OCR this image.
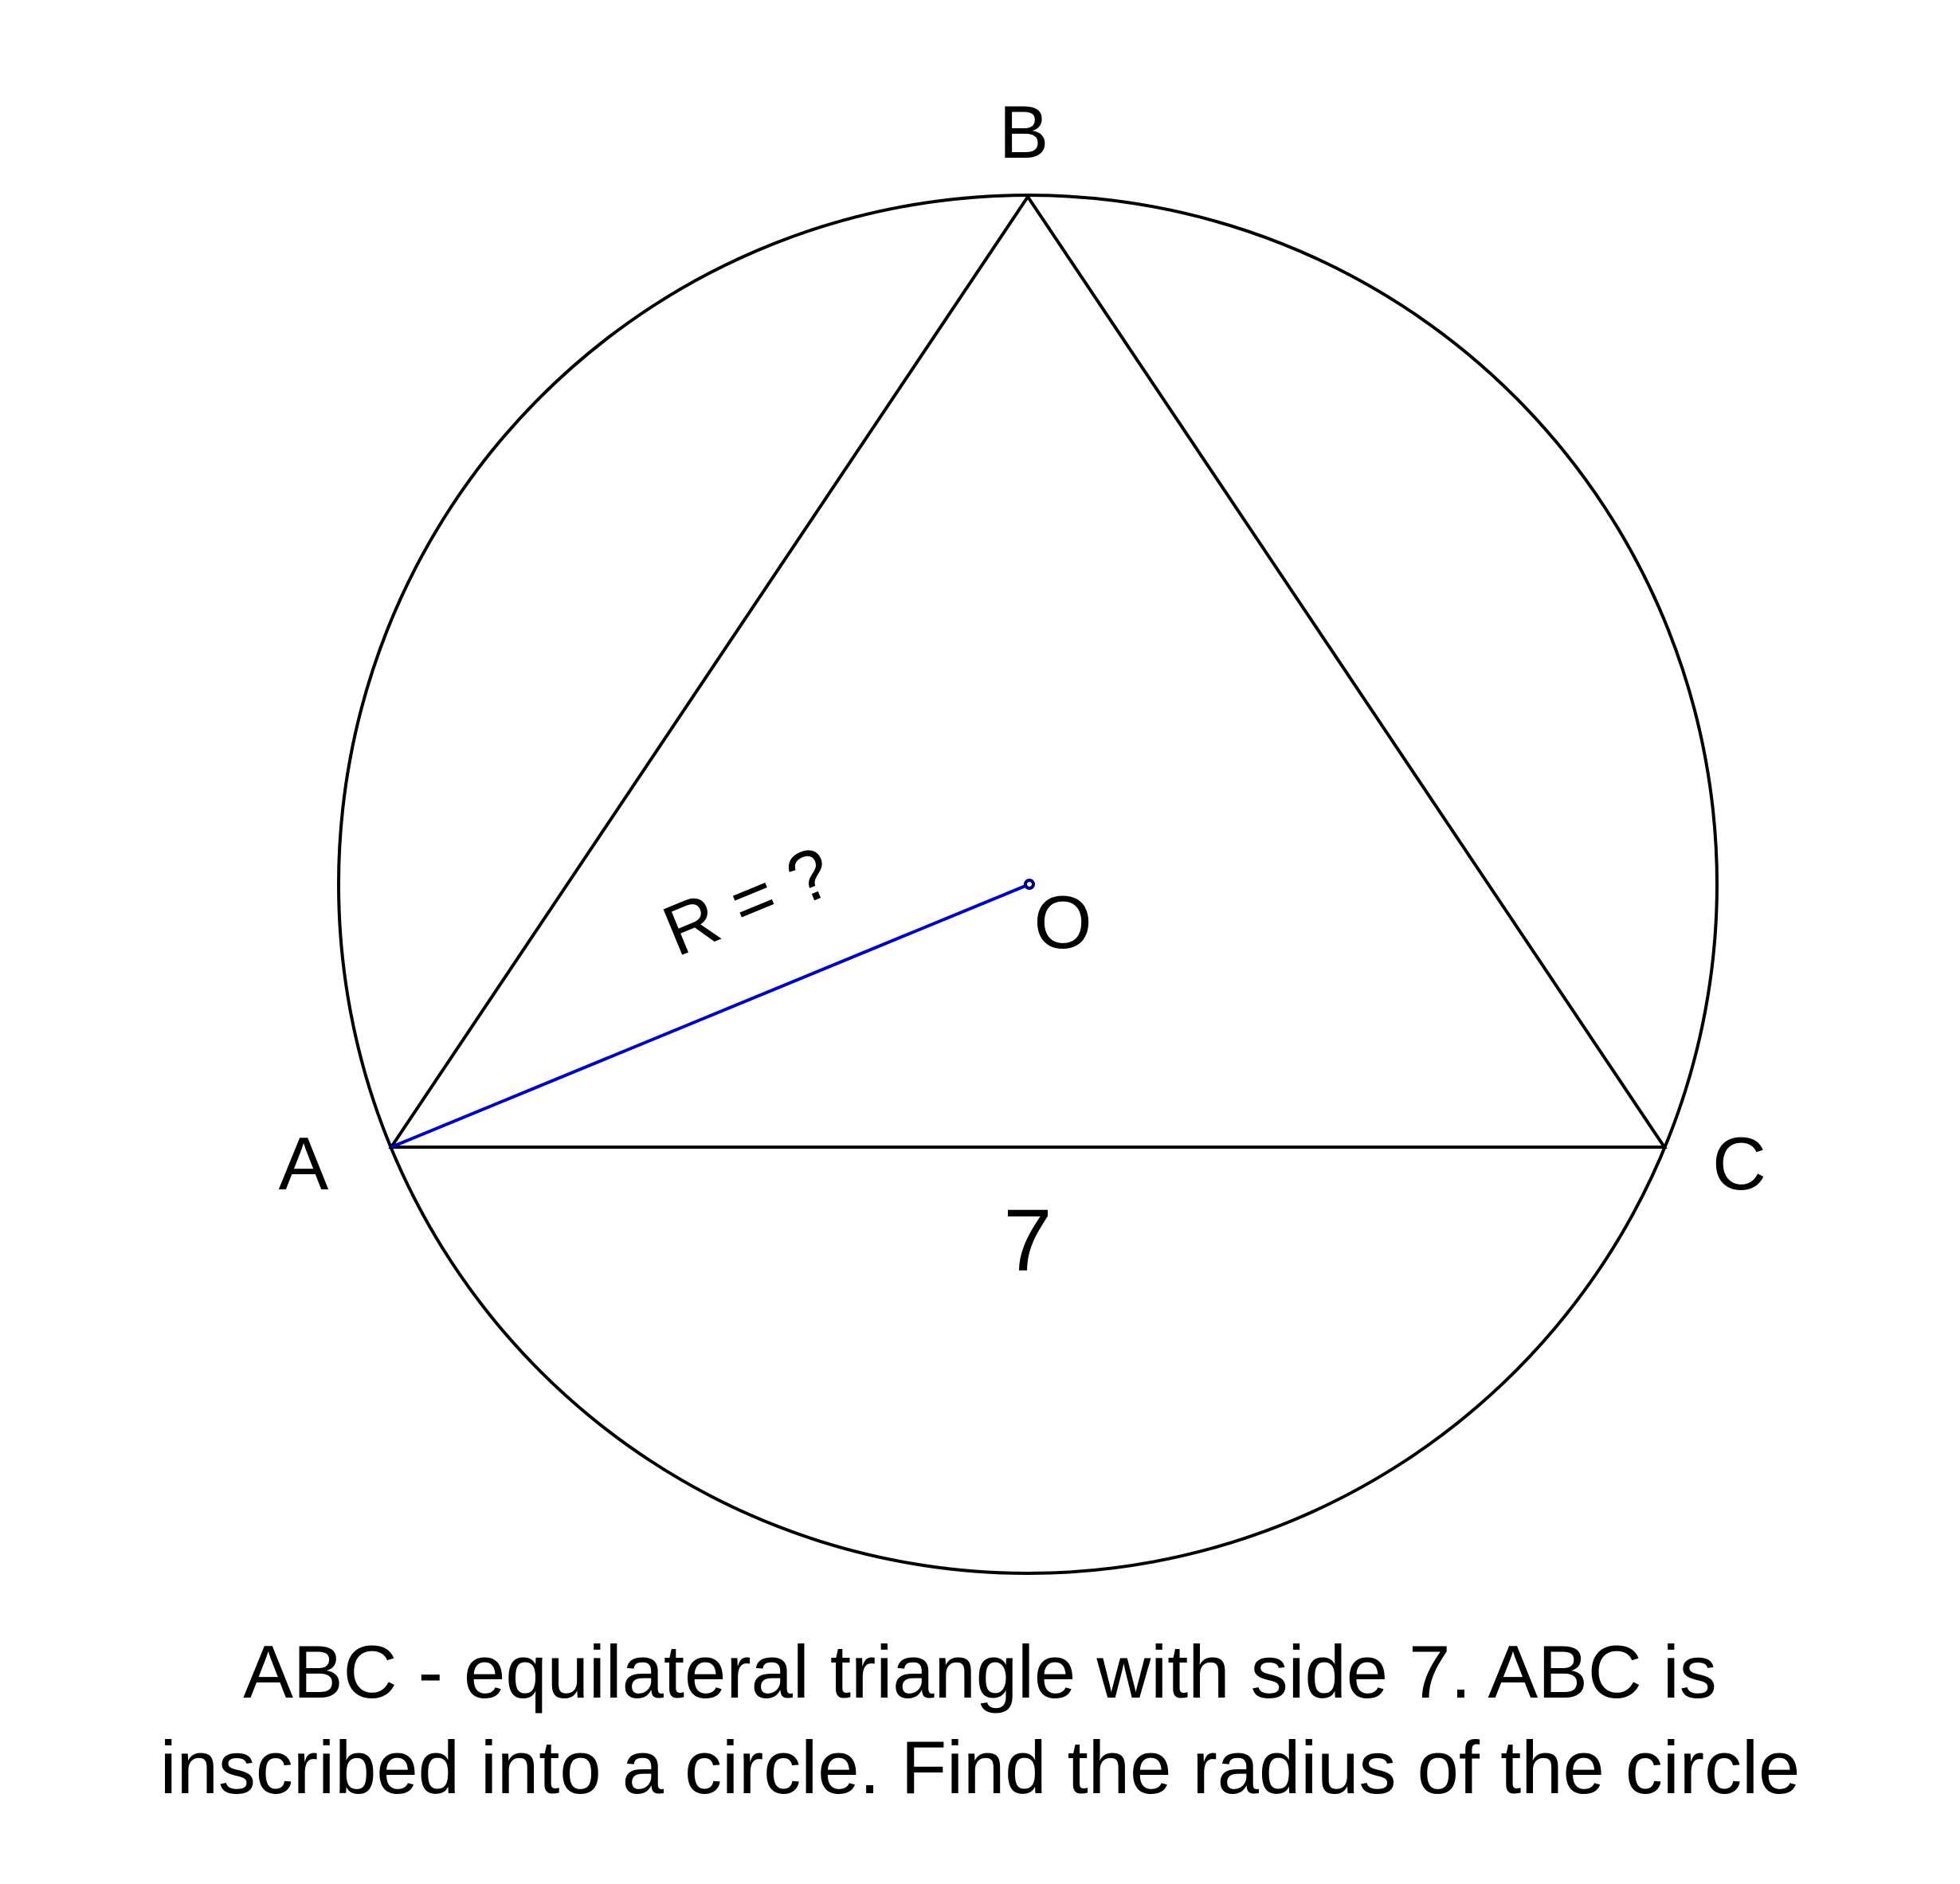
B
A	C
O
7
R = ?
ABC - equilateral triangle with side 7. ABC is
inscribed into a circle. Find the radius of the circle
